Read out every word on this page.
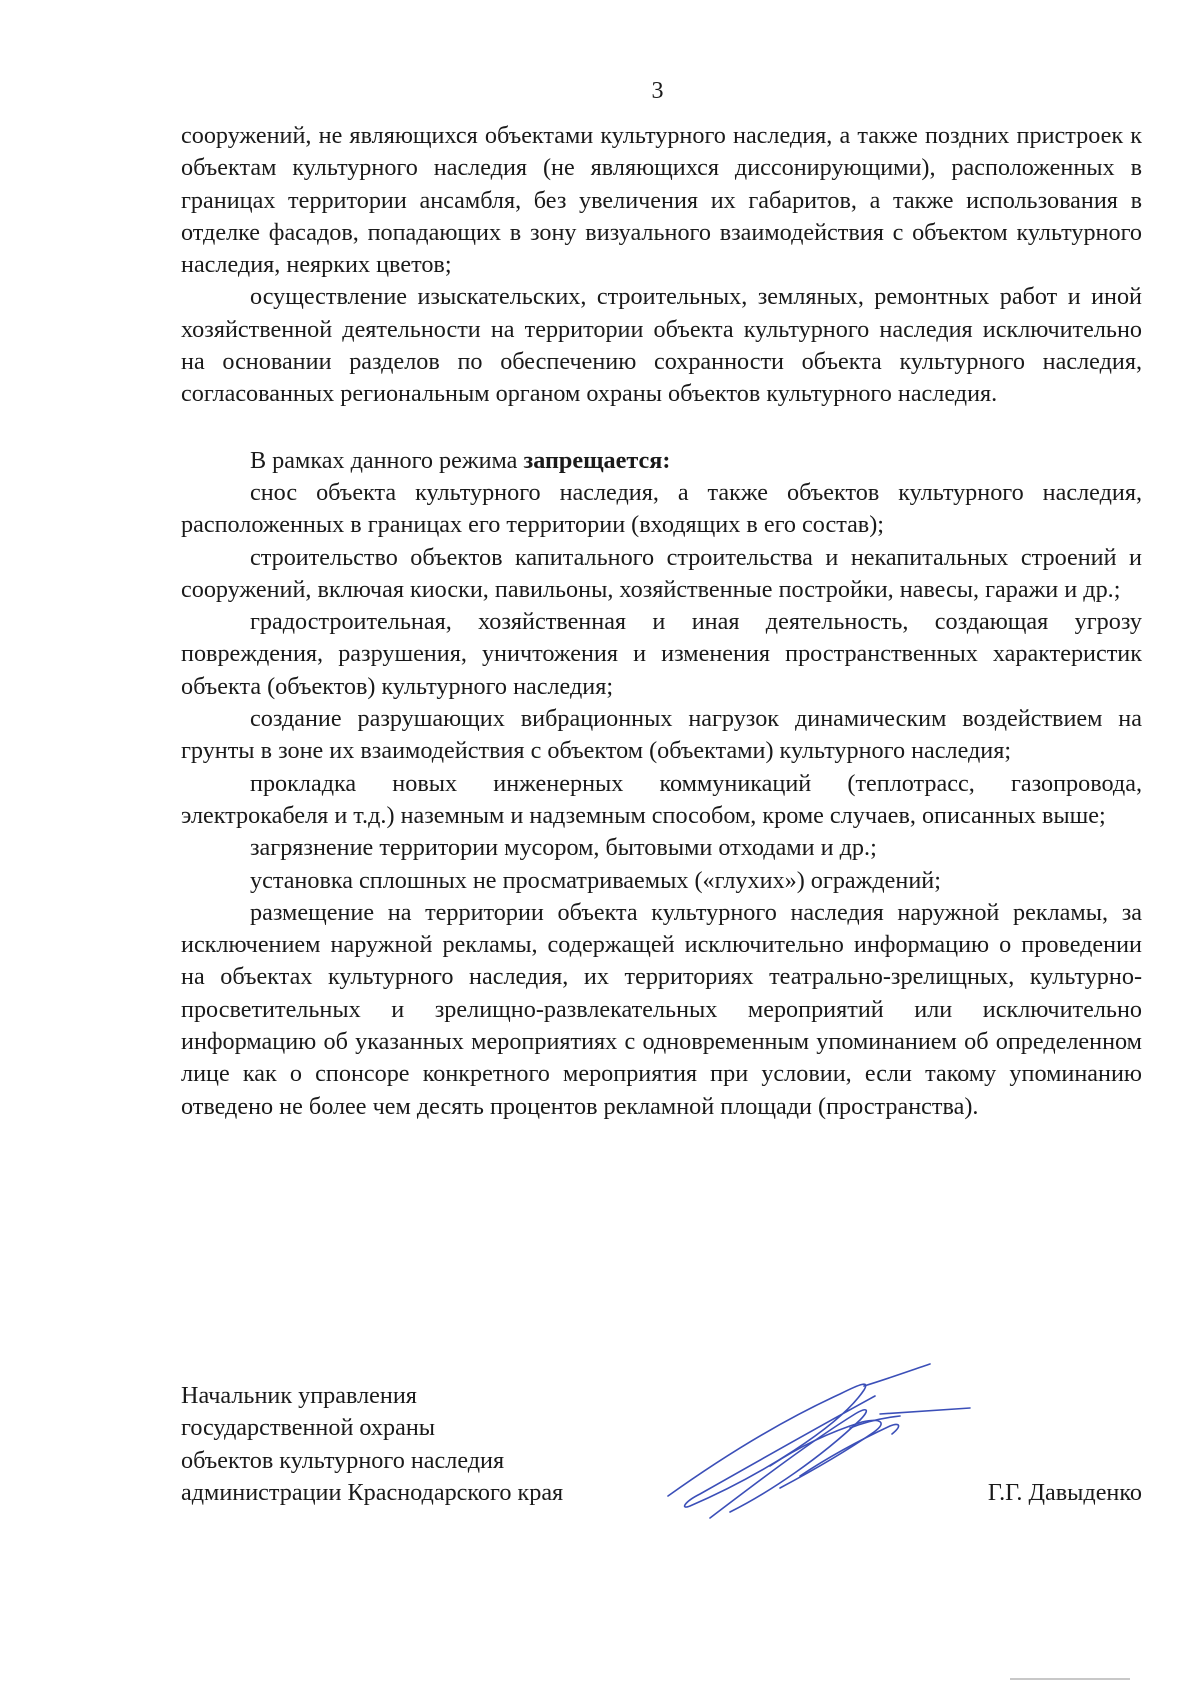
3

сооружений, не являющихся объектами культурного наследия, а также поздних пристроек к объектам культурного наследия (не являющихся диссонирующими), расположенных в границах территории ансамбля, без увеличения их габаритов, а также использования в отделке фасадов, попадающих в зону визуального взаимодействия с объектом культурного наследия, неярких цветов;

осуществление изыскательских, строительных, земляных, ремонтных работ и иной хозяйственной деятельности на территории объекта культурного наследия исключительно на основании разделов по обеспечению сохранности объекта культурного наследия, согласованных региональным органом охраны объектов культурного наследия.

В рамках данного режима запрещается:

снос объекта культурного наследия, а также объектов культурного наследия, расположенных в границах его территории (входящих в его состав);

строительство объектов капитального строительства и некапитальных строений и сооружений, включая киоски, павильоны, хозяйственные постройки, навесы, гаражи и др.;

градостроительная, хозяйственная и иная деятельность, создающая угрозу повреждения, разрушения, уничтожения и изменения пространственных характеристик объекта (объектов) культурного наследия;

создание разрушающих вибрационных нагрузок динамическим воздействием на грунты в зоне их взаимодействия с объектом (объектами) культурного наследия;

прокладка новых инженерных коммуникаций (теплотрасс, газопровода, электрокабеля и т.д.) наземным и надземным способом, кроме случаев, описанных выше;

загрязнение территории мусором, бытовыми отходами и др.;

установка сплошных не просматриваемых («глухих») ограждений;

размещение на территории объекта культурного наследия наружной рекламы, за исключением наружной рекламы, содержащей исключительно информацию о проведении на объектах культурного наследия, их территориях театрально-зрелищных, культурно-просветительных и зрелищно-развлекательных мероприятий или исключительно информацию об указанных мероприятиях с одновременным упоминанием об определенном лице как о спонсоре конкретного мероприятия при условии, если такому упоминанию отведено не более чем десять процентов рекламной площади (пространства).

Начальник управления
государственной охраны
объектов культурного наследия
администрации Краснодарского края	Г.Г. Давыденко
